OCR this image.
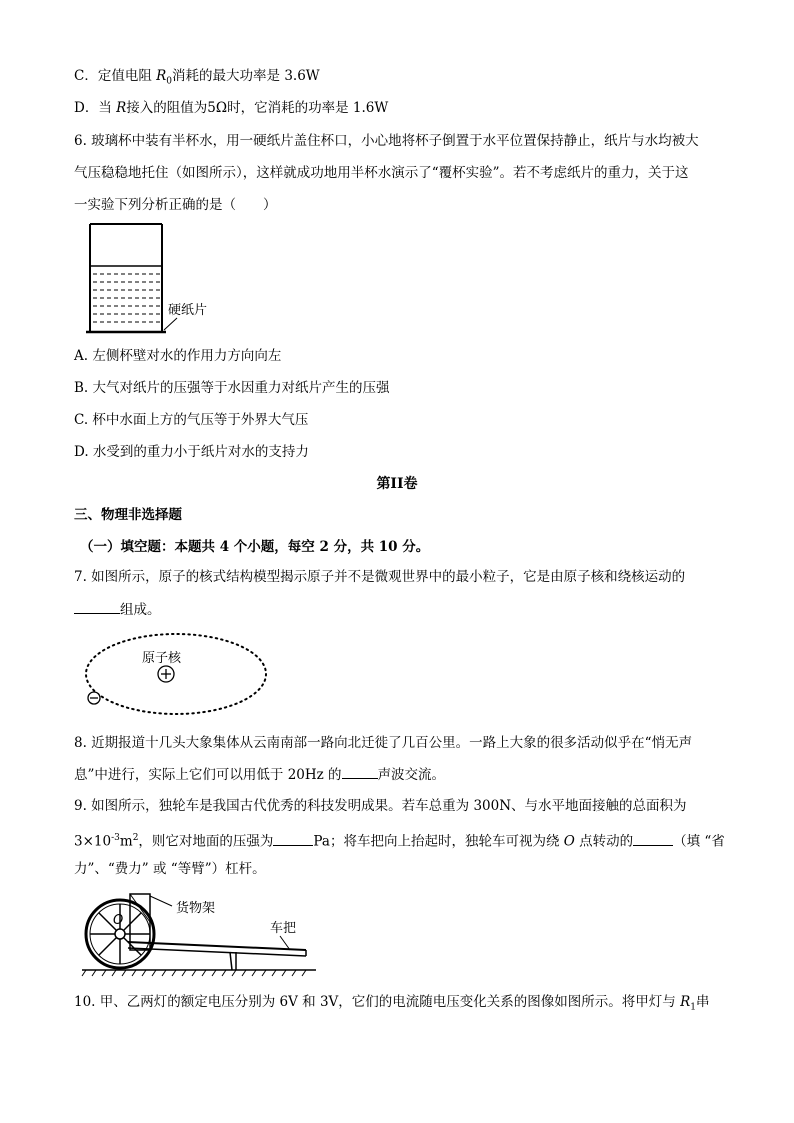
C．定值电阻 $R_0$消耗的最大功率是 3.6W
D．当 R接入的阻值为5Ω时，它消耗的功率是 1.6W
6. 玻璃杯中装有半杯水，用一硬纸片盖住杯口，小心地将杯子倒置于水平位置保持静止，纸片与水均被大
气压稳稳地托住（如图所示），这样就成功地用半杯水演示了“覆杯实验”。若不考虑纸片的重力，关于这
一实验下列分析正确的是（　　）
硬纸片
A. 左侧杯壁对水的作用力方向向左
B. 大气对纸片的压强等于水因重力对纸片产生的压强
C. 杯中水面上方的气压等于外界大气压
D. 水受到的重力小于纸片对水的支持力
第II卷
三、物理非选择题
（一）填空题：本题共 4 个小题，每空 2 分，共 10 分。
7. 如图所示，原子的核式结构模型揭示原子并不是微观世界中的最小粒子，它是由原子核和绕核运动的
组成。
原子核
8. 近期报道十几头大象集体从云南南部一路向北迁徙了几百公里。一路上大象的很多活动似乎在“悄无声
息”中进行，实际上它们可以用低于 20Hz 的	声波交流。
9. 如图所示，独轮车是我国古代优秀的科技发明成果。若车总重为 300N、与水平地面接触的总面积为
$3\times 10^{-3}m^2$，则它对地面的压强为	Pa；将车把向上抬起时，独轮车可视为绕 O 点转动的	（填 “省
力”、“费力” 或 “等臂”）杠杆。
O
货物架
车把
10. 甲、乙两灯的额定电压分别为 6V 和 3V，它们的电流随电压变化关系的图像如图所示。将甲灯与 $R_1$串
